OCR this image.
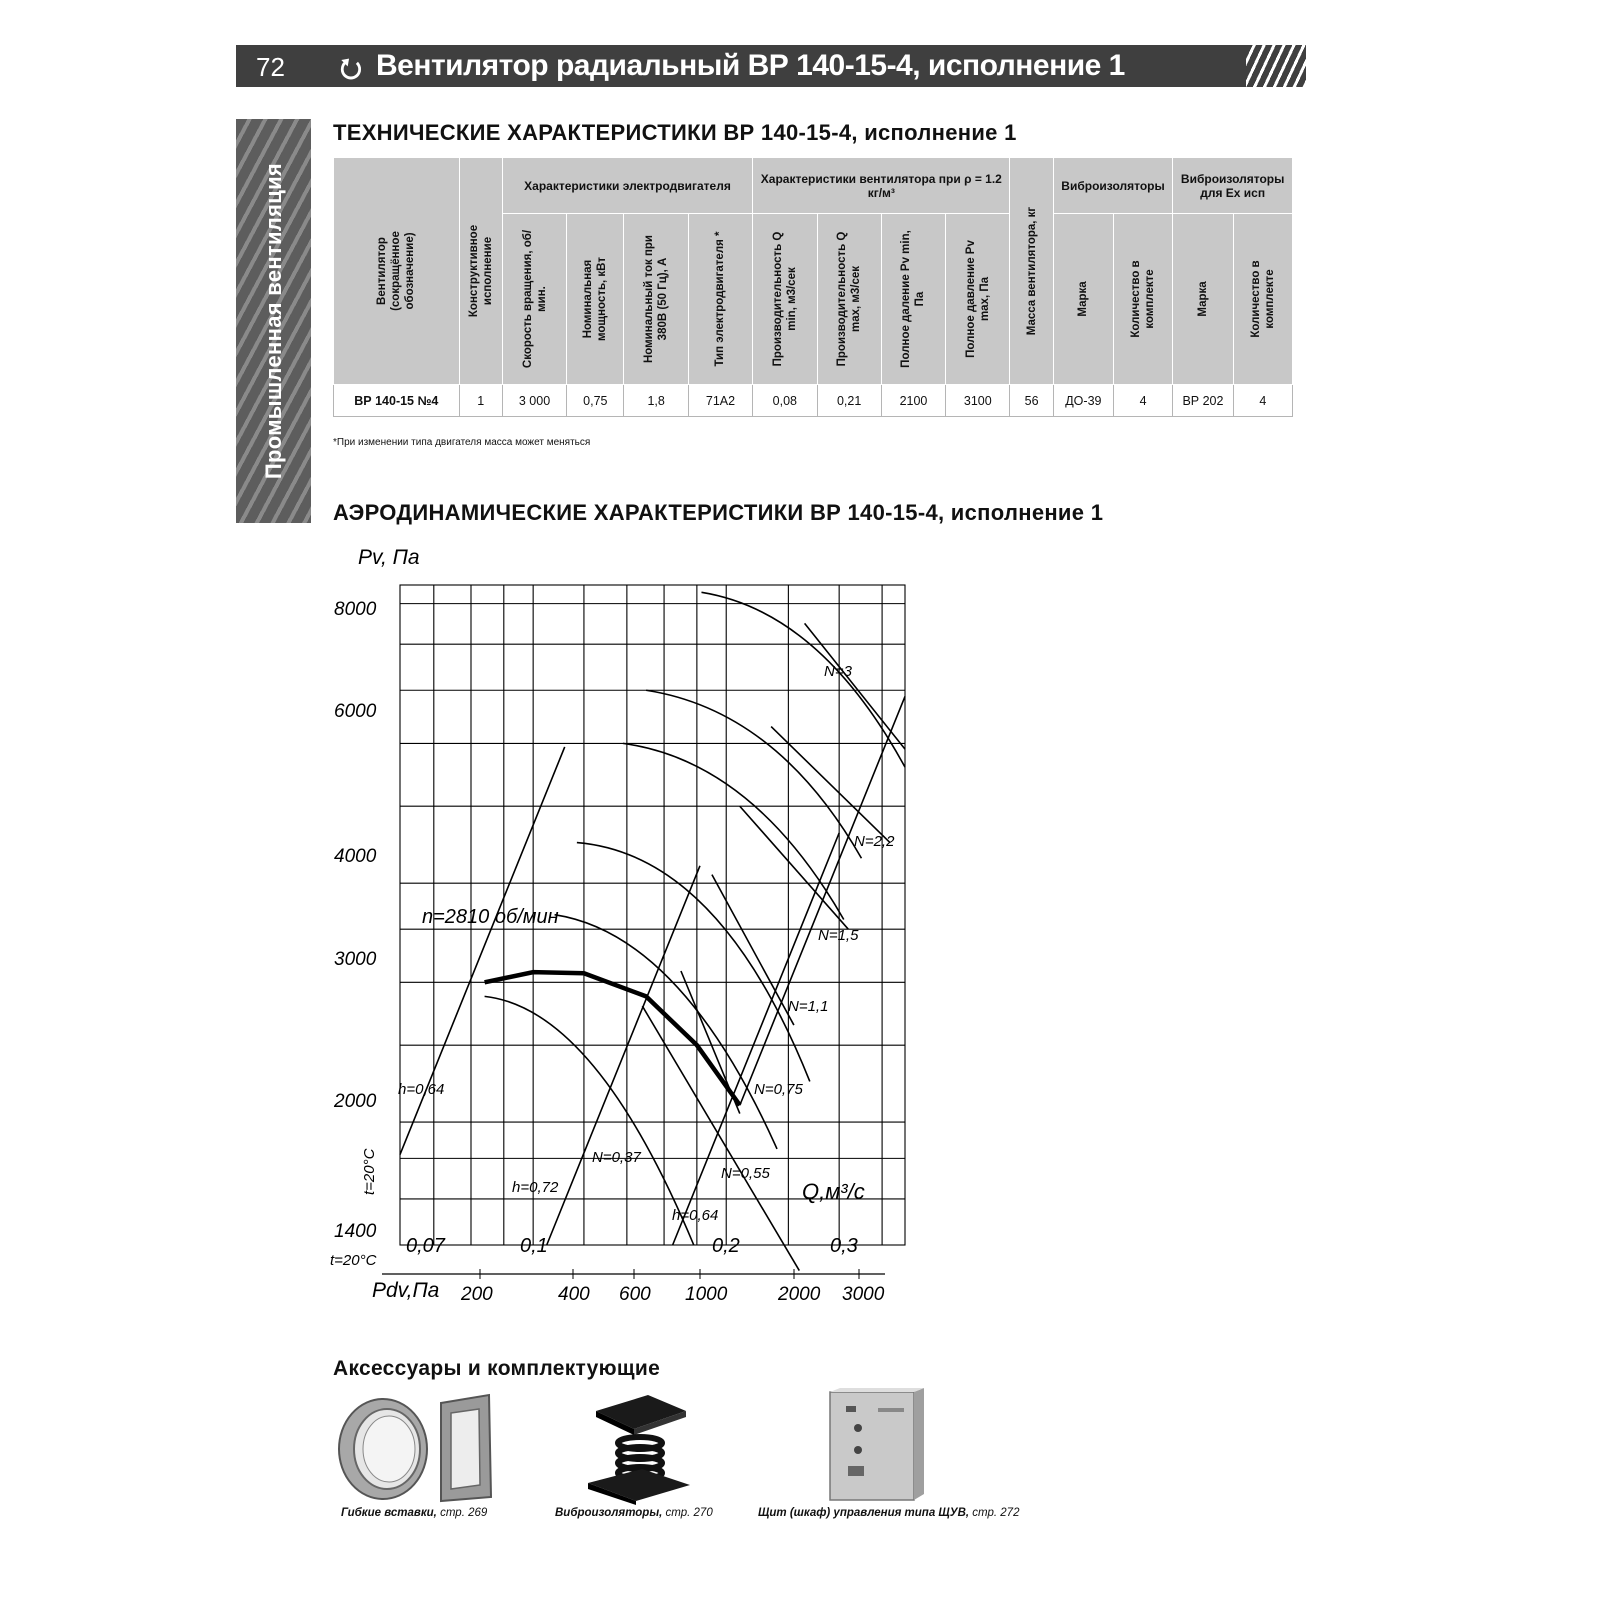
72 ⭮ Вентилятор радиальный ВР 140-15-4, исполнение 1
Промышленная вентиляция
ТЕХНИЧЕСКИЕ ХАРАКТЕРИСТИКИ ВР 140-15-4, исполнение 1
Вентилятор (сокращённое обозначение)	Конструктивное исполнение	Характеристики электродвигателя				Характеристики вентилятора при ρ = 1.2 кг/м³				Масса вентилятора, кг	Виброизоляторы		Виброизоляторы для Ex исп	

		Скорость вращения, об/мин.	Номинальная мощность, кВт	Номинальный ток при 380В (50 Гц), А	Тип электродвигателя *	Производительность Q min, м3/сек	Производительность Q max, м3/сек	Полное даление Pv min, Па	Полное давление Pv max, Па		Марка	Количество в комплекте	Марка	Количество в комплекте

ВР 140-15 №4	1	3 000	0,75	1,8	71А2	0,08	0,21	2100	3100	56	ДО-39	4	ВР 202	4
*При изменении типа двигателя масса может меняться
АЭРОДИНАМИЧЕСКИЕ ХАРАКТЕРИСТИКИ ВР 140-15-4, исполнение 1
Pv, Па
Q,м³/с
Pdv,Па
t=20°C
t=20°C
n=2810 об/мин
8000
6000
4000
3000
2000
1400
0,07	0,1	0,2	0,3
200	400 600 1000	2000 3000
N=3
N=2,2
N=1,5
N=1,1
N=0,75
N=0,55
N=0,37
h=0,64
h=0,72
h=0,64
Аксессуары и комплектующие
Гибкие вставки, стр. 269	Виброизоляторы, стр. 270	Щит (шкаф) управления типа ЩУВ, стр. 272
